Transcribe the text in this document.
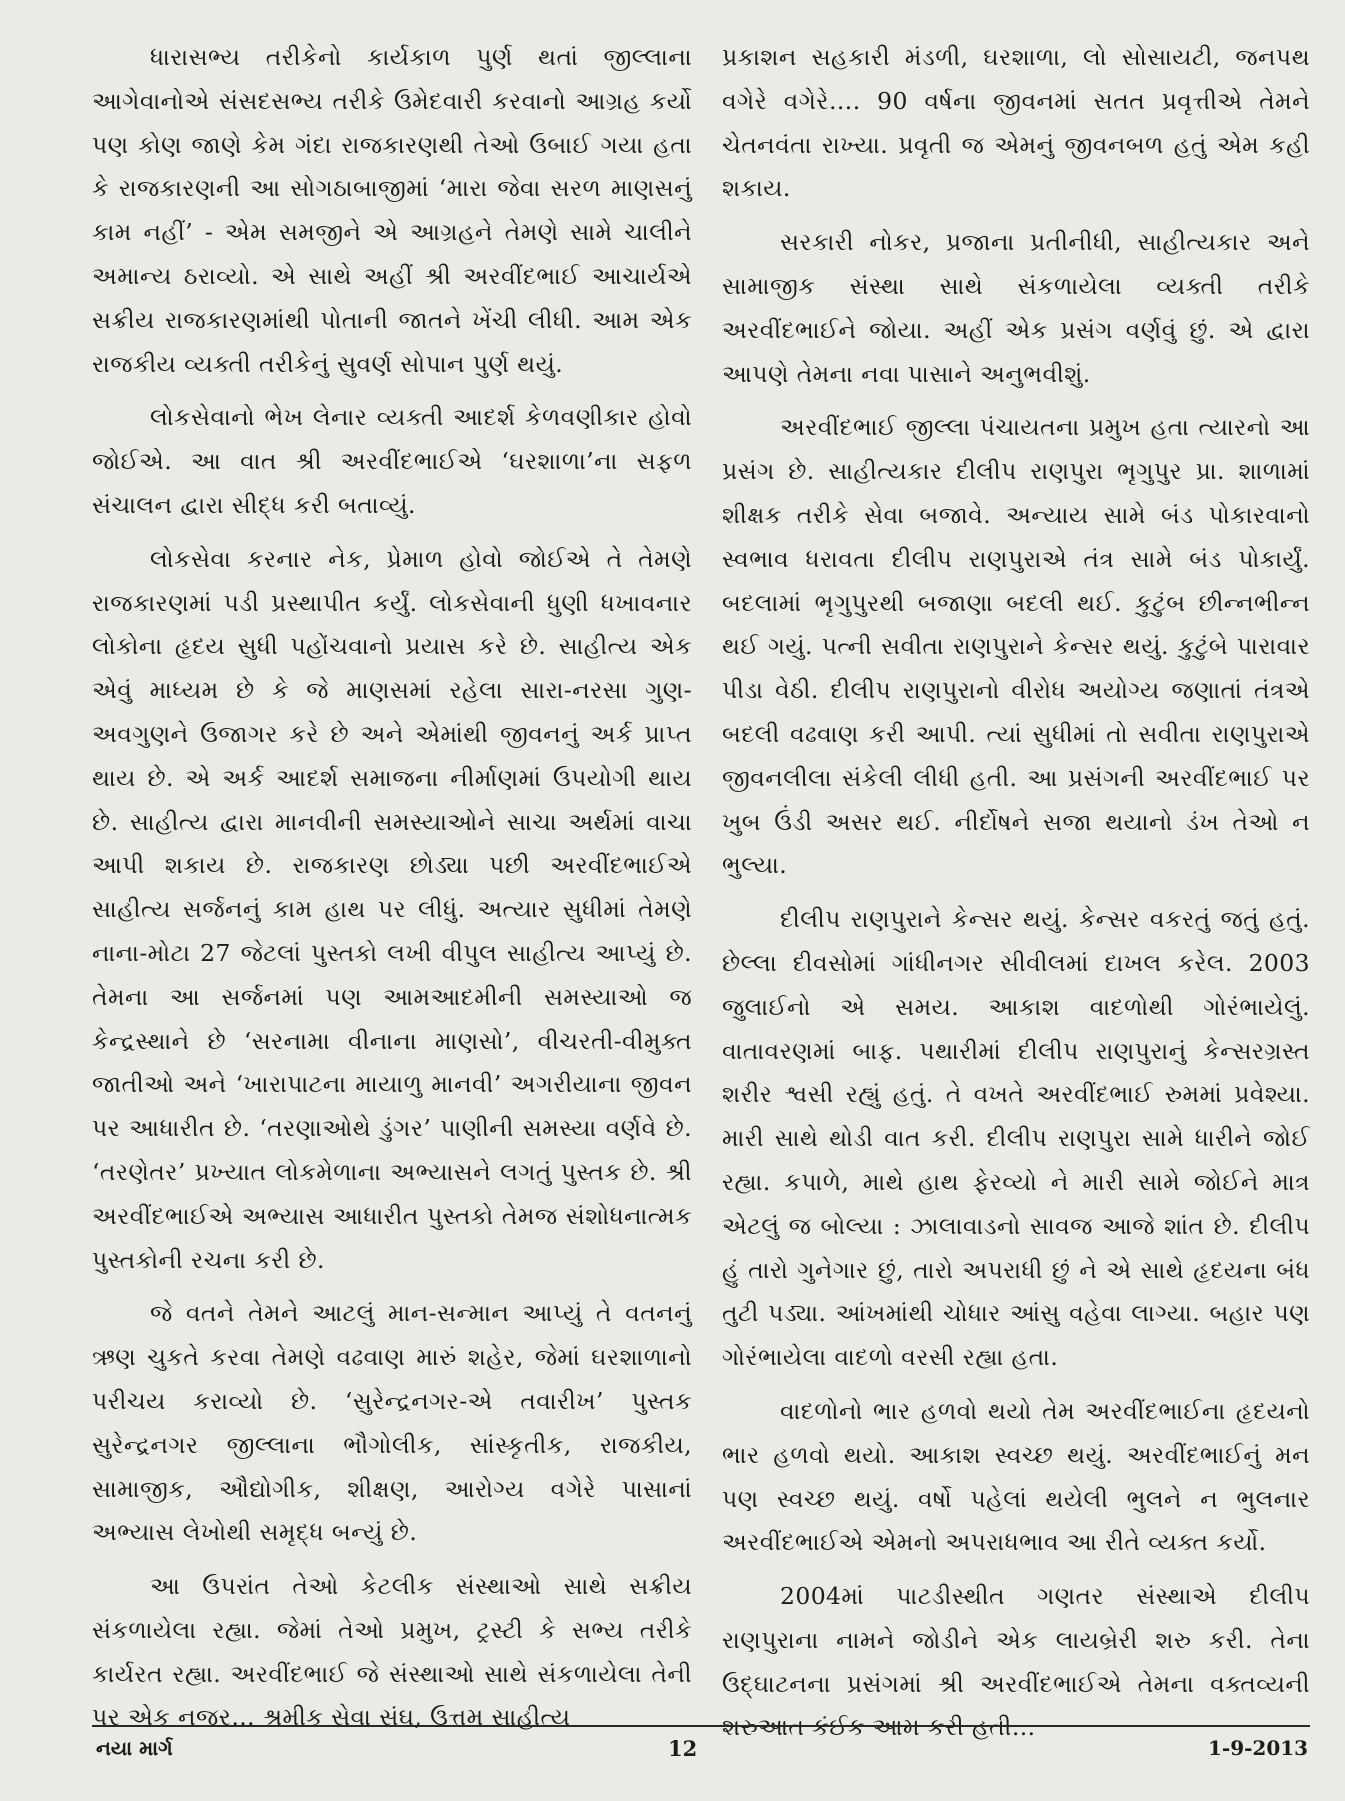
ધારાસભ્ય તરીકેનો કાર્યકાળ પુર્ણ થતાં જીલ્લાના આગેવાનોએ સંસદસભ્ય તરીકે ઉમેદવારી કરવાનો આગ્રહ કર્યો પણ કોણ જાણે કેમ ગંદા રાજકારણથી તેઓ ઉબાઈ ગયા હતા કે રાજકારણની આ સોગઠાબાજીમાં ‘મારા જેવા સરળ માણસનું કામ નહીં’ - એમ સમજીને એ આગ્રહને તેમણે સામે ચાલીને અમાન્ય ઠરાવ્યો. એ સાથે અહીં શ્રી અરવીંદભાઈ આચાર્યએ સક્રીય રાજકારણમાંથી પોતાની જાતને ખેંચી લીધી. આમ એક રાજકીય વ્યક્તી તરીકેનું સુવર્ણ સોપાન પુર્ણ થયું.

લોકસેવાનો ભેખ લેનાર વ્યક્તી આદર્શ કેળવણીકાર હોવો જોઈએ. આ વાત શ્રી અરવીંદભાઈએ ‘ઘરશાળા’ના સફળ સંચાલન દ્વારા સીદ્ધ કરી બતાવ્યું.

લોકસેવા કરનાર નેક, પ્રેમાળ હોવો જોઈએ તે તેમણે રાજકારણમાં પડી પ્રસ્થાપીત કર્યું. લોકસેવાની ધુણી ધખાવનાર લોકોના હૃદય સુધી પહોંચવાનો પ્રયાસ કરે છે. સાહીત્ય એક એવું માધ્યમ છે કે જે માણસમાં રહેલા સારા-નરસા ગુણ-અવગુણને ઉજાગર કરે છે અને એમાંથી જીવનનું અર્ક પ્રાપ્ત થાય છે. એ અર્ક આદર્શ સમાજના નીર્માણમાં ઉપયોગી થાય છે. સાહીત્ય દ્વારા માનવીની સમસ્યાઓને સાચા અર્થમાં વાચા આપી શકાય છે. રાજકારણ છોડ્યા પછી અરવીંદભાઈએ સાહીત્ય સર્જનનું કામ હાથ પર લીધું. અત્યાર સુધીમાં તેમણે નાના-મોટા 27 જેટલાં પુસ્તકો લખી વીપુલ સાહીત્ય આપ્યું છે. તેમના આ સર્જનમાં પણ આમઆદમીની સમસ્યાઓ જ કેન્દ્રસ્થાને છે ‘સરનામા વીનાના માણસો’, વીચરતી-વીમુક્ત જાતીઓ અને ‘ખારાપાટના માયાળુ માનવી’ અગરીયાના જીવન પર આધારીત છે. ‘તરણાઓથે ડુંગર’ પાણીની સમસ્યા વર્ણવે છે. ‘તરણેતર’ પ્રખ્યાત લોકમેળાના અભ્યાસને લગતું પુસ્તક છે. શ્રી અરવીંદભાઈએ અભ્યાસ આધારીત પુસ્તકો તેમજ સંશોધનાત્મક પુસ્તકોની રચના કરી છે.

જે વતને તેમને આટલું માન-સન્માન આપ્યું તે વતનનું ઋણ ચુકતે કરવા તેમણે વઢવાણ મારું શહેર, જેમાં ઘરશાળાનો પરીચય કરાવ્યો છે. ‘સુરેન્દ્રનગર-એ તવારીખ’ પુસ્તક સુરેન્દ્રનગર જીલ્લાના ભૌગોલીક, સાંસ્કૃતીક, રાજકીય, સામાજીક, ઔદ્યોગીક, શીક્ષણ, આરોગ્ય વગેરે પાસાનાં અભ્યાસ લેખોથી સમૃદ્ધ બન્યું છે.

આ ઉપરાંત તેઓ કેટલીક સંસ્થાઓ સાથે સક્રીય સંકળાયેલા રહ્યા. જેમાં તેઓ પ્રમુખ, ટ્રસ્ટી કે સભ્ય તરીકે કાર્યરત રહ્યા. અરવીંદભાઈ જે સંસ્થાઓ સાથે સંકળાયેલા તેની પર એક નજર… શ્રમીક સેવા સંઘ, ઉત્તમ સાહીત્ય

પ્રકાશન સહકારી મંડળી, ઘરશાળા, લો સોસાયટી, જનપથ વગેરે વગેરે…. 90 વર્ષના જીવનમાં સતત પ્રવૃત્તીએ તેમને ચેતનવંતા રાખ્યા. પ્રવૃતી જ એમનું જીવનબળ હતું એમ કહી શકાય.

સરકારી નોકર, પ્રજાના પ્રતીનીધી, સાહીત્યકાર અને સામાજીક સંસ્થા સાથે સંકળાયેલા વ્યક્તી તરીકે અરવીંદભાઈને જોયા. અહીં એક પ્રસંગ વર્ણવું છું. એ દ્વારા આપણે તેમના નવા પાસાને અનુભવીશું.

અરવીંદભાઈ જીલ્લા પંચાયતના પ્રમુખ હતા ત્યારનો આ પ્રસંગ છે. સાહીત્યકાર દીલીપ રાણપુરા ભૃગુપુર પ્રા. શાળામાં શીક્ષક તરીકે સેવા બજાવે. અન્યાય સામે બંડ પોકારવાનો સ્વભાવ ધરાવતા દીલીપ રાણપુરાએ તંત્ર સામે બંડ પોકાર્યું. બદલામાં ભૃગુપુરથી બજાણા બદલી થઈ. કુટુંબ છીન્નભીન્ન થઈ ગયું. પત્ની સવીતા રાણપુરાને કેન્સર થયું. કુટુંબે પારાવાર પીડા વેઠી. દીલીપ રાણપુરાનો વીરોધ અયોગ્ય જણાતાં તંત્રએ બદલી વઢવાણ કરી આપી. ત્યાં સુધીમાં તો સવીતા રાણપુરાએ જીવનલીલા સંકેલી લીધી હતી. આ પ્રસંગની અરવીંદભાઈ પર ખુબ ઉંડી અસર થઈ. નીર્દોષને સજા થયાનો ડંખ તેઓ ન ભુલ્યા.

દીલીપ રાણપુરાને કેન્સર થયું. કેન્સર વકરતું જતું હતું. છેલ્લા દીવસોમાં ગાંધીનગર સીવીલમાં દાખલ કરેલ. 2003 જુલાઈનો એ સમય. આકાશ વાદળોથી ગોરંભાયેલું. વાતાવરણમાં બાફ. પથારીમાં દીલીપ રાણપુરાનું કેન્સરગ્રસ્ત શરીર શ્વસી રહ્યું હતું. તે વખતે અરવીંદભાઈ રુમમાં પ્રવેશ્યા. મારી સાથે થોડી વાત કરી. દીલીપ રાણપુરા સામે ધારીને જોઈ રહ્યા. કપાળે, માથે હાથ ફેરવ્યો ને મારી સામે જોઈને માત્ર એટલું જ બોલ્યા : ઝાલાવાડનો સાવજ આજે શાંત છે. દીલીપ હું તારો ગુનેગાર છું, તારો અપરાધી છું ને એ સાથે હૃદયના બંધ તુટી પડ્યા. આંખમાંથી ચોધાર આંસુ વહેવા લાગ્યા. બહાર પણ ગોરંભાયેલા વાદળો વરસી રહ્યા હતા.

વાદળોનો ભાર હળવો થયો તેમ અરવીંદભાઈના હૃદયનો ભાર હળવો થયો. આકાશ સ્વચ્છ થયું. અરવીંદભાઈનું મન પણ સ્વચ્છ થયું. વર્ષો પહેલાં થયેલી ભુલને ન ભુલનાર અરવીંદભાઈએ એમનો અપરાધભાવ આ રીતે વ્યક્ત કર્યો.

2004માં પાટડીસ્થીત ગણતર સંસ્થાએ દીલીપ રાણપુરાના નામને જોડીને એક લાયબ્રેરી શરુ કરી. તેના ઉદ્ઘાટનના પ્રસંગમાં શ્રી અરવીંદભાઈએ તેમના વક્તવ્યની શરુઆત કંઈક આમ કરી હતી…

નયા માર્ગ	12	1-9-2013
